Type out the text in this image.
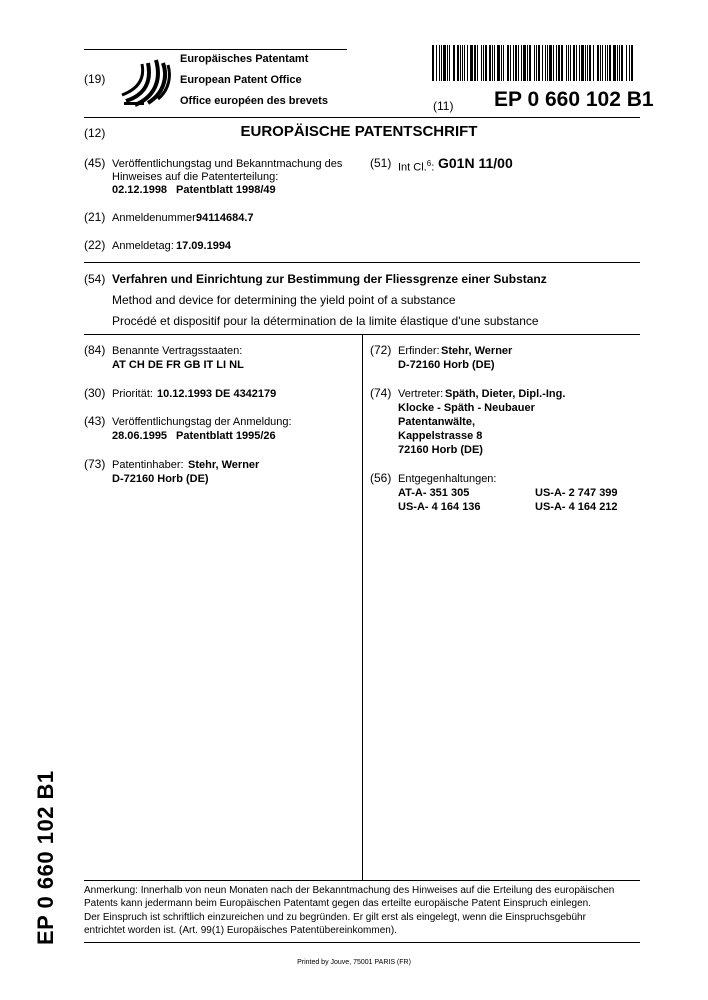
(19)
Europäisches Patentamt
European Patent Office
Office européen des brevets	(11) EP 0 660 102 B1
(12)	EUROPÄISCHE PATENTSCHRIFT
(45) Veröffentlichungstag und Bekanntmachung des
Hinweises auf die Patenterteilung:
02.12.1998 Patentblatt 1998/49
(51) Int Cl.$^6$: G01N 11/00
(21) Anmeldenummer:
94114684.7
(22) Anmeldetag: 17.09.1994
(54) Verfahren und Einrichtung zur Bestimmung der Fliessgrenze einer Substanz
Method and device for determining the yield point of a substance
Procédé et dispositif pour la détermination de la limite élastique d'une substance
(84) Benannte Vertragsstaaten:
AT CH DE FR GB IT LI NL
(30) Priorität: 10.12.1993 DE 4342179
(43) Veröffentlichungstag der Anmeldung:
28.06.1995 Patentblatt 1995/26
(73) Patentinhaber: Stehr, Werner
D-72160 Horb (DE)
(72) Erfinder: Stehr, Werner
D-72160 Horb (DE)
(74) Vertreter: Späth, Dieter, Dipl.-Ing.
Klocke - Späth - Neubauer
Patentanwälte,
Kappelstrasse 8
72160 Horb (DE)
(56) Entgegenhaltungen:
AT-A- 351 305	US-A- 2 747 399
US-A- 4 164 136	US-A- 4 164 212
Anmerkung: Innerhalb von neun Monaten nach der Bekanntmachung des Hinweises auf die Erteilung des europäischen
Patents kann jedermann beim Europäischen Patentamt gegen das erteilte europäische Patent Einspruch einlegen.
Der Einspruch ist schriftlich einzureichen und zu begründen. Er gilt erst als eingelegt, wenn die Einspruchsgebühr
entrichtet worden ist. (Art. 99(1) Europäisches Patentübereinkommen).
Printed by Jouve, 75001 PARIS (FR)
EP 0 660 102 B1
